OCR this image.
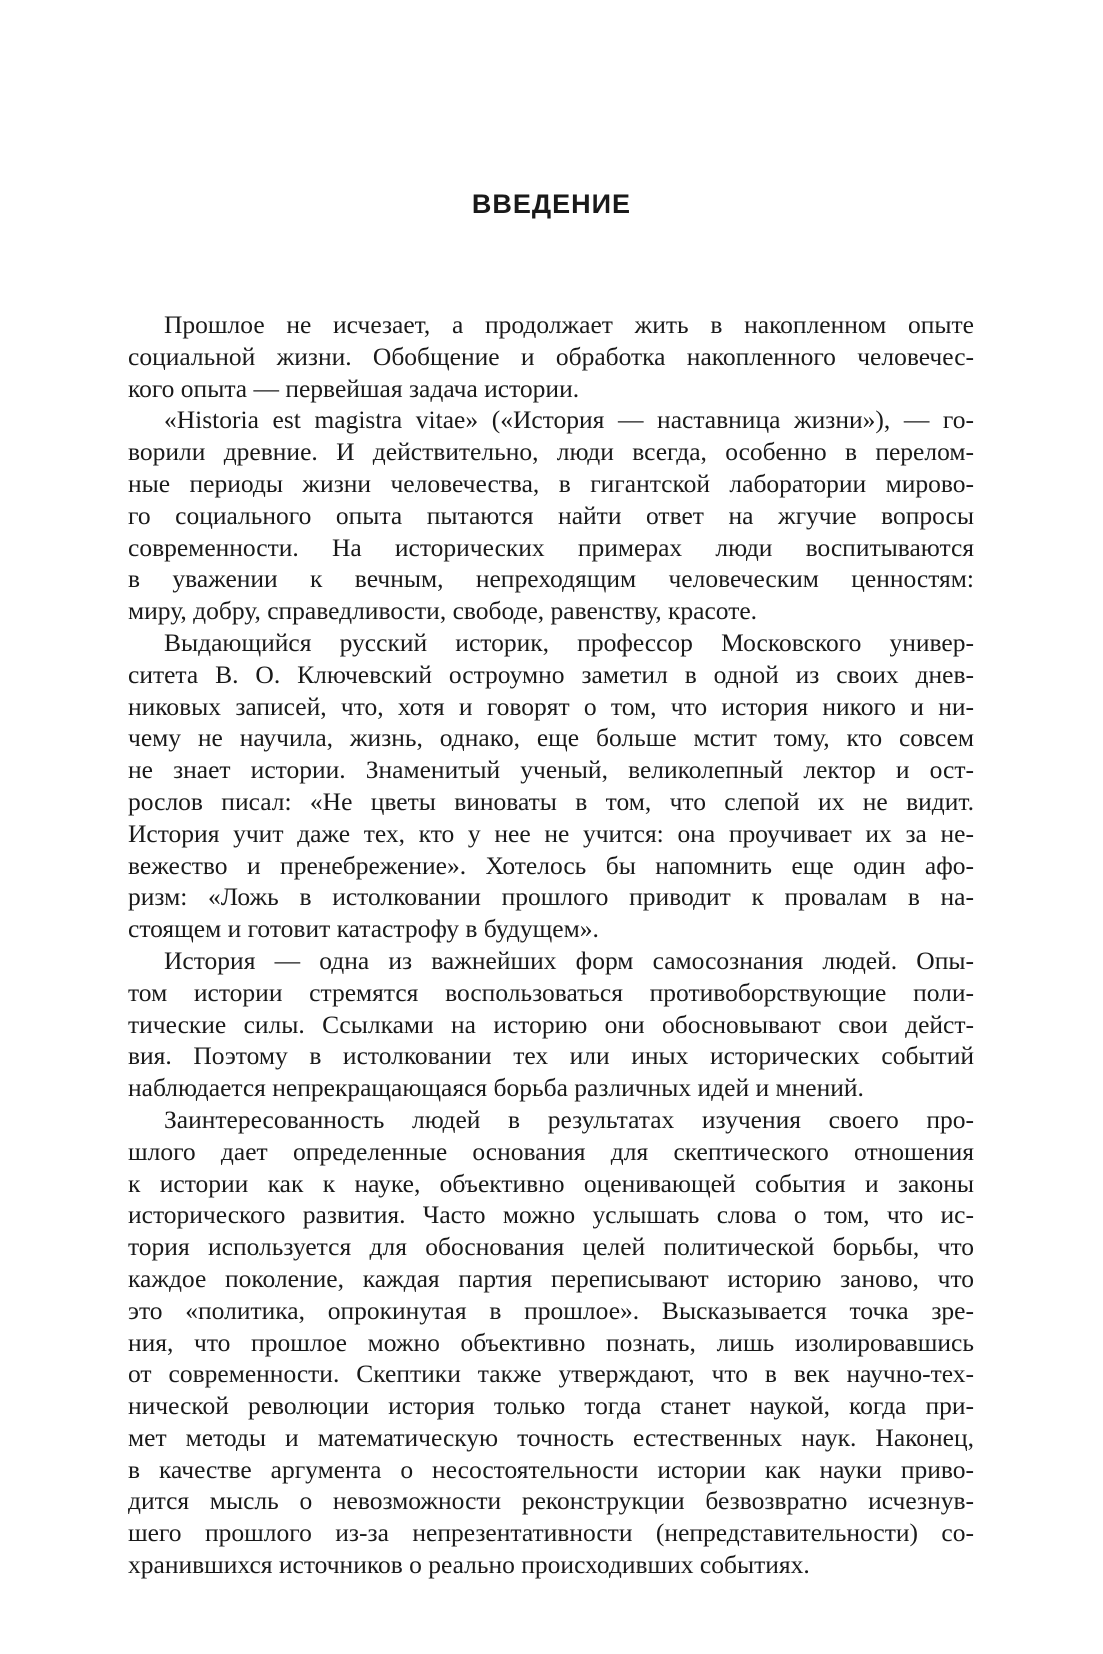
ВВЕДЕНИЕ
Прошлое не исчезает, а продолжает жить в накопленном опыте
социальной жизни. Обобщение и обработка накопленного человечес-
кого опыта — первейшая задача истории.
«Historia est magistra vitae» («История — наставница жизни»), — го-
ворили древние. И действительно, люди всегда, особенно в перелом-
ные периоды жизни человечества, в гигантской лаборатории мирово-
го социального опыта пытаются найти ответ на жгучие вопросы
современности. На исторических примерах люди воспитываются
в уважении к вечным, непреходящим человеческим ценностям:
миру, добру, справедливости, свободе, равенству, красоте.
Выдающийся русский историк, профессор Московского универ-
ситета В. О. Ключевский остроумно заметил в одной из своих днев-
никовых записей, что, хотя и говорят о том, что история никого и ни-
чему не научила, жизнь, однако, еще больше мстит тому, кто совсем
не знает истории. Знаменитый ученый, великолепный лектор и ост-
рослов писал: «Не цветы виноваты в том, что слепой их не видит.
История учит даже тех, кто у нее не учится: она проучивает их за не-
вежество и пренебрежение». Хотелось бы напомнить еще один афо-
ризм: «Ложь в истолковании прошлого приводит к провалам в на-
стоящем и готовит катастрофу в будущем».
История — одна из важнейших форм самосознания людей. Опы-
том истории стремятся воспользоваться противоборствующие поли-
тические силы. Ссылками на историю они обосновывают свои дейст-
вия. Поэтому в истолковании тех или иных исторических событий
наблюдается непрекращающаяся борьба различных идей и мнений.
Заинтересованность людей в результатах изучения своего про-
шлого дает определенные основания для скептического отношения
к истории как к науке, объективно оценивающей события и законы
исторического развития. Часто можно услышать слова о том, что ис-
тория используется для обоснования целей политической борьбы, что
каждое поколение, каждая партия переписывают историю заново, что
это «политика, опрокинутая в прошлое». Высказывается точка зре-
ния, что прошлое можно объективно познать, лишь изолировавшись
от современности. Скептики также утверждают, что в век научно-тех-
нической революции история только тогда станет наукой, когда при-
мет методы и математическую точность естественных наук. Наконец,
в качестве аргумента о несостоятельности истории как науки приво-
дится мысль о невозможности реконструкции безвозвратно исчезнув-
шего прошлого из-за непрезентативности (непредставительности) со-
хранившихся источников о реально происходивших событиях.
